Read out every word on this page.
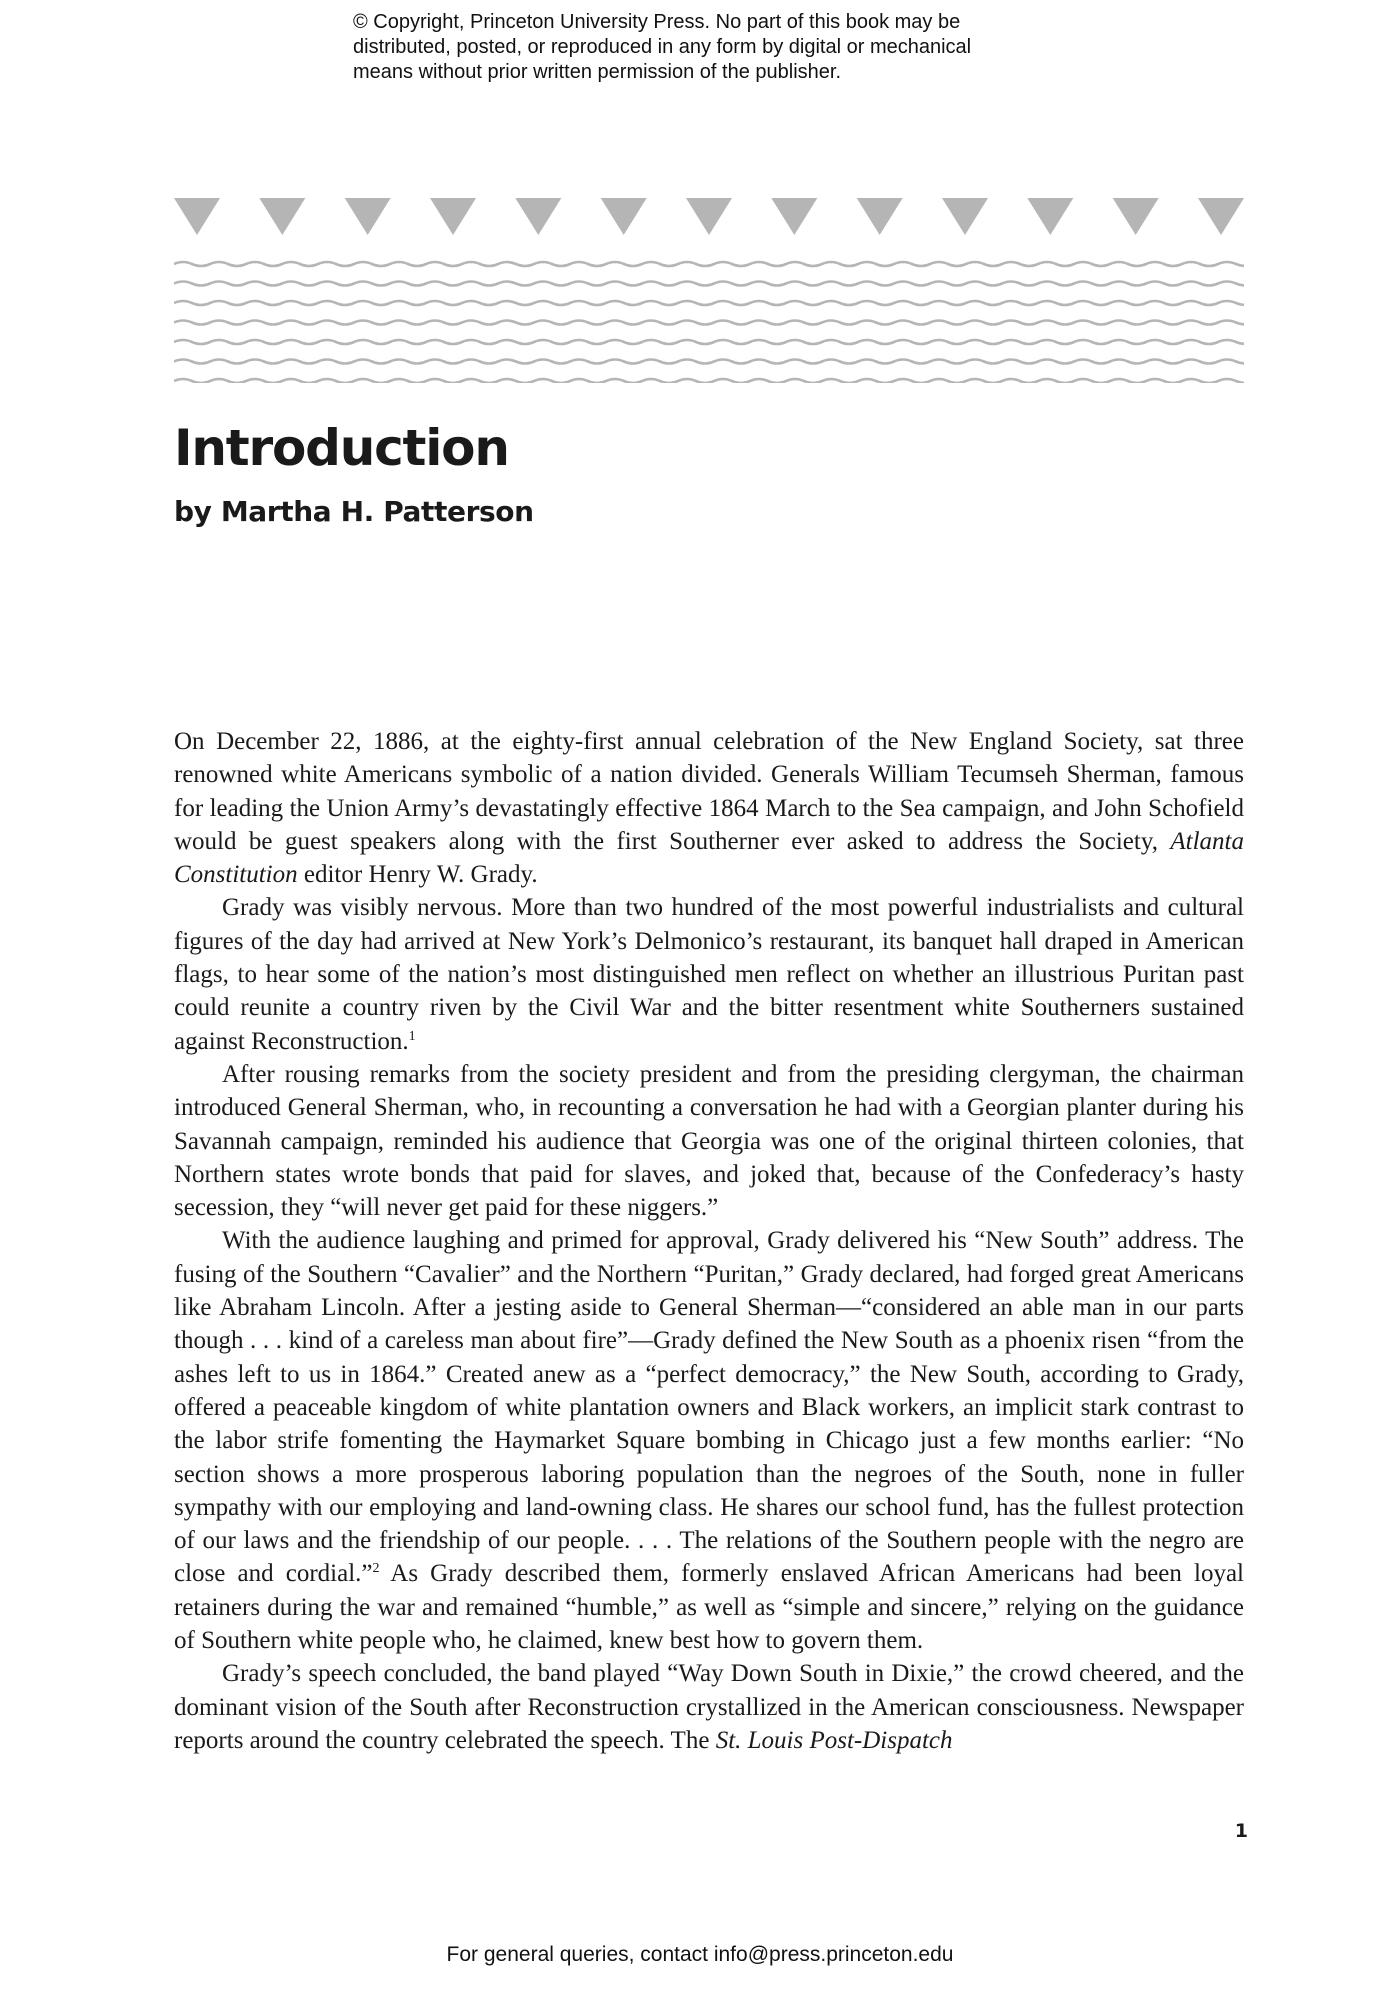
© Copyright, Princeton University Press. No part of this book may be
distributed, posted, or reproduced in any form by digital or mechanical
means without prior written permission of the publisher.
Introduction
by Martha H. Patterson

On December 22, 1886, at the eighty-first annual celebration of the New England Society, sat three renowned white Americans symbolic of a nation divided. Generals William Tecumseh Sherman, famous for leading the Union Army’s devastatingly effective 1864 March to the Sea campaign, and John Schofield would be guest speakers along with the first Southerner ever asked to address the Society, Atlanta Constitution editor Henry W. Grady.

Grady was visibly nervous. More than two hundred of the most powerful industrialists and cultural figures of the day had arrived at New York’s Delmonico’s restaurant, its banquet hall draped in American flags, to hear some of the nation’s most distinguished men reflect on whether an illustrious Puritan past could reunite a country riven by the Civil War and the bitter resentment white Southerners sustained against Reconstruction.$^1$

After rousing remarks from the society president and from the presiding clergyman, the chairman introduced General Sherman, who, in recounting a conversation he had with a Georgian planter during his Savannah campaign, reminded his audience that Georgia was one of the original thirteen colonies, that Northern states wrote bonds that paid for slaves, and joked that, because of the Confederacy’s hasty secession, they “will never get paid for these niggers.”

With the audience laughing and primed for approval, Grady delivered his “New South” address. The fusing of the Southern “Cavalier” and the Northern “Puritan,” Grady declared, had forged great Americans like Abraham Lincoln. After a jesting aside to General Sherman—“considered an able man in our parts though . . . kind of a careless man about fire”—Grady defined the New South as a phoenix risen “from the ashes left to us in 1864.” Created anew as a “perfect democracy,” the New South, according to Grady, offered a peaceable kingdom of white plantation owners and Black workers, an implicit stark contrast to the labor strife fomenting the Haymarket Square bombing in Chicago just a few months earlier: “No section shows a more prosperous laboring population than the negroes of the South, none in fuller sympathy with our employing and land-owning class. He shares our school fund, has the fullest protection of our laws and the friendship of our people. . . . The relations of the Southern people with the negro are close and cordial.”$^2$ As Grady described them, formerly enslaved African Americans had been loyal retainers during the war and remained “humble,” as well as “simple and sincere,” relying on the guidance of Southern white people who, he claimed, knew best how to govern them.

Grady’s speech concluded, the band played “Way Down South in Dixie,” the crowd cheered, and the dominant vision of the South after Reconstruction crystallized in the American consciousness. Newspaper reports around the country celebrated the speech. The St. Louis Post-Dispatch

1
For general queries, contact info@press.princeton.edu
